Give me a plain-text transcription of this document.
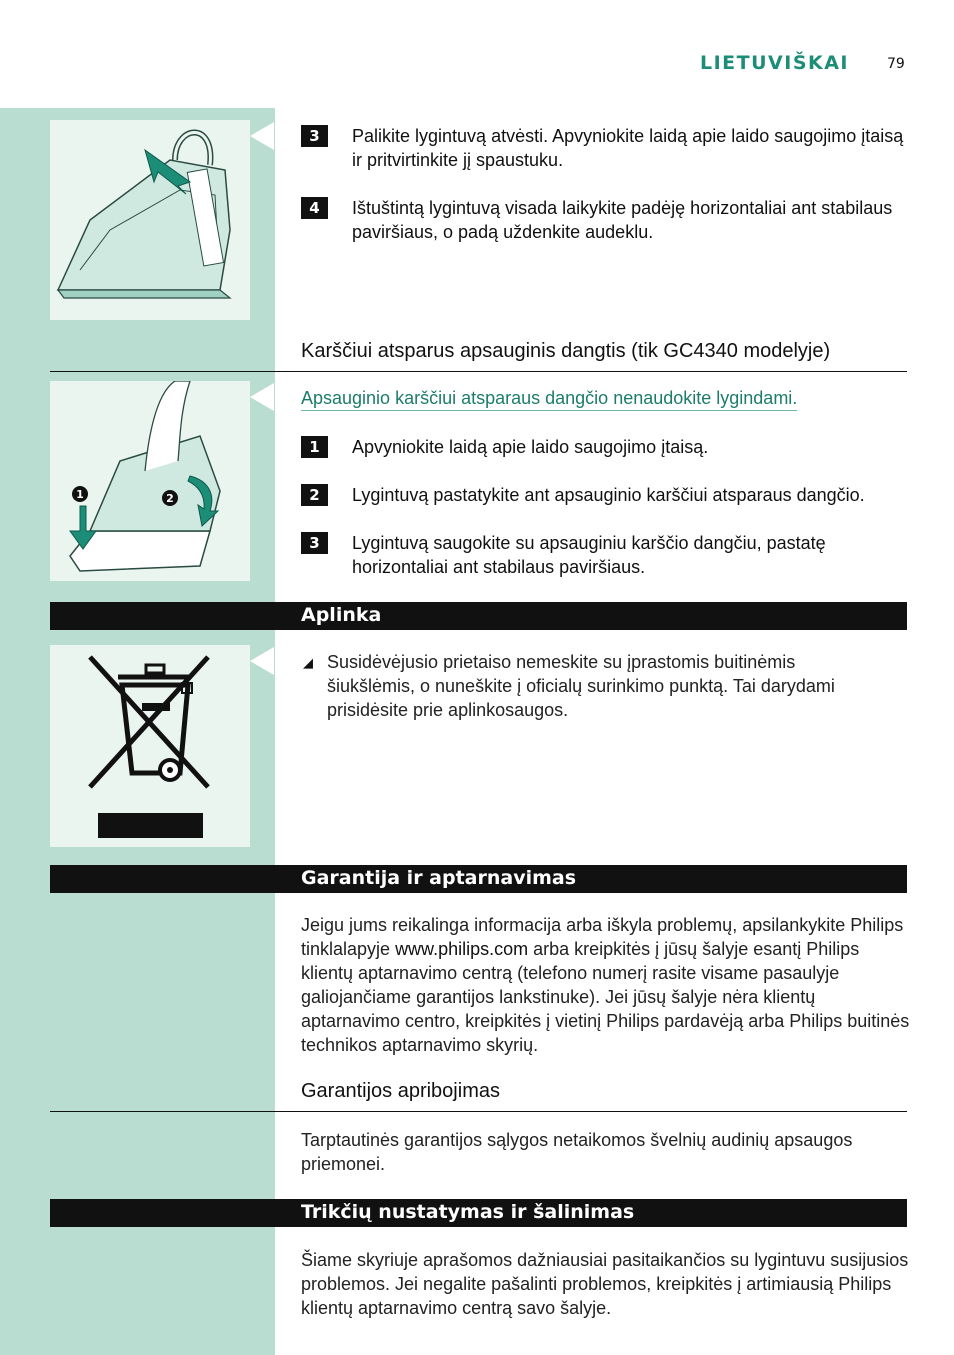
LIETUVIŠKAI	79
3	Palikite lygintuvą atvėsti. Apvyniokite laidą apie laido saugojimo įtaisą ir pritvirtinkite jį spaustuku.
4	Ištuštintą lygintuvą visada laikykite padėję horizontaliai ant stabilaus paviršiaus, o padą uždenkite audeklu.
Karščiui atsparus apsauginis dangtis (tik GC4340 modelyje)
1	2
Apsauginio karščiui atsparaus dangčio nenaudokite lygindami.
1	Apvyniokite laidą apie laido saugojimo įtaisą.
2	Lygintuvą pastatykite ant apsauginio karščiui atsparaus dangčio.
3	Lygintuvą saugokite su apsauginiu karščio dangčiu, pastatę horizontaliai ant stabilaus paviršiaus.
Aplinka
◢ Susidėvėjusio prietaiso nemeskite su įprastomis buitinėmis šiukšlėmis, o nuneškite į oficialų surinkimo punktą. Tai darydami prisidėsite prie aplinkosaugos.
Garantija ir aptarnavimas
Jeigu jums reikalinga informacija arba iškyla problemų, apsilankykite Philips tinklalapyje www.philips.com arba kreipkitės į jūsų šalyje esantį Philips klientų aptarnavimo centrą (telefono numerį rasite visame pasaulyje galiojančiame garantijos lankstinuke). Jei jūsų šalyje nėra klientų aptarnavimo centro, kreipkitės į vietinį Philips pardavėją arba Philips buitinės technikos aptarnavimo skyrių.
Garantijos apribojimas
Tarptautinės garantijos sąlygos netaikomos švelnių audinių apsaugos priemonei.
Trikčių nustatymas ir šalinimas
Šiame skyriuje aprašomos dažniausiai pasitaikančios su lygintuvu susijusios problemos. Jei negalite pašalinti problemos, kreipkitės į artimiausią Philips klientų aptarnavimo centrą savo šalyje.
